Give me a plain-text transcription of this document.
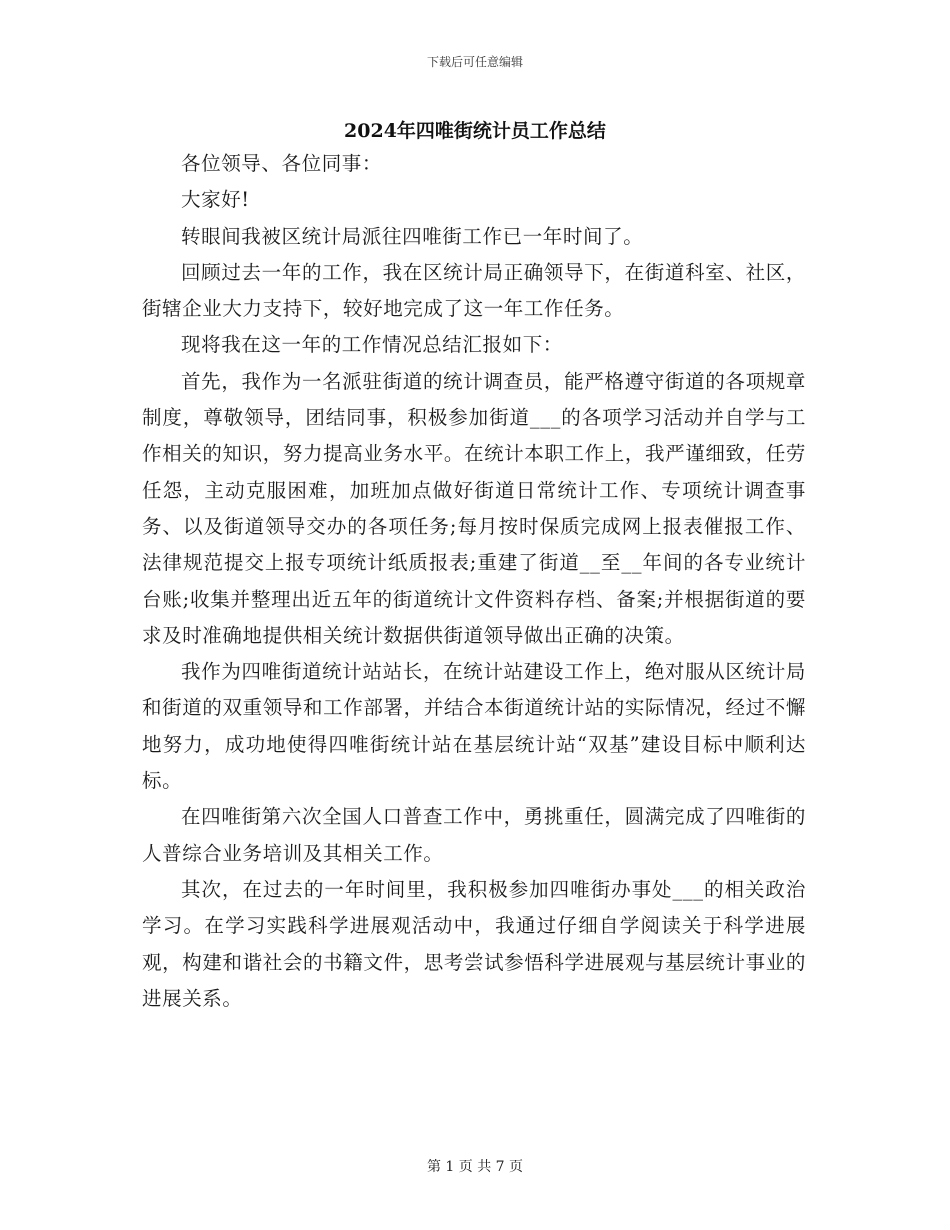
下载后可任意编辑
2024年四唯街统计员工作总结

各位领导、各位同事：

大家好!

转眼间我被区统计局派往四唯街工作已一年时间了。

回顾过去一年的工作，我在区统计局正确领导下，在街道科室、社区，街辖企业大力支持下，较好地完成了这一年工作任务。

现将我在这一年的工作情况总结汇报如下：

首先，我作为一名派驻街道的统计调查员，能严格遵守街道的各项规章制度，尊敬领导，团结同事，积极参加街道___的各项学习活动并自学与工作相关的知识，努力提高业务水平。在统计本职工作上，我严谨细致，任劳任怨，主动克服困难，加班加点做好街道日常统计工作、专项统计调查事务、以及街道领导交办的各项任务;每月按时保质完成网上报表催报工作、法律规范提交上报专项统计纸质报表;重建了街道__至__年间的各专业统计台账;收集并整理出近五年的街道统计文件资料存档、备案;并根据街道的要求及时准确地提供相关统计数据供街道领导做出正确的决策。

我作为四唯街道统计站站长，在统计站建设工作上，绝对服从区统计局和街道的双重领导和工作部署，并结合本街道统计站的实际情况，经过不懈地努力，成功地使得四唯街统计站在基层统计站“双基”建设目标中顺利达标。

在四唯街第六次全国人口普查工作中，勇挑重任，圆满完成了四唯街的人普综合业务培训及其相关工作。

其次，在过去的一年时间里，我积极参加四唯街办事处___的相关政治学习。在学习实践科学进展观活动中，我通过仔细自学阅读关于科学进展观，构建和谐社会的书籍文件，思考尝试参悟科学进展观与基层统计事业的进展关系。

第 1 页 共 7 页
